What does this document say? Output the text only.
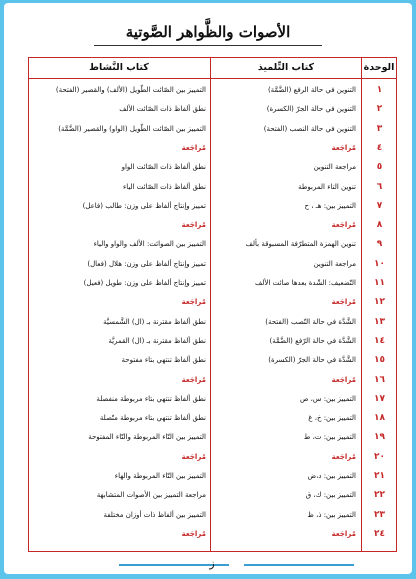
الأصوات والظَّواهر الصَّوتية
الوحدة
كتاب التِّلميذ
كتاب النَّشاط
١
التنوين في حالة الرفع (الضَّمَّة)
التمييز بين الصّائت الطّويل (الألف) والقصير (الفتحة)
٢
التنوين في حالة الجرّ (الكسرة)
نطق ألفاظ ذات الصّائت الألف
٣
التنوين في حالة النصب (الفتحة)
التمييز بين الصّائت الطّويل (الواو) والقصير (الضَّمَّة)
٤
مُراجَعة
مُراجَعة
٥
مراجعة التنوين
نطق ألفاظ ذات الصّائت الواو
٦
تنوين التاء المربوطة
نطق ألفاظ ذات الصّائت الياء
٧
التمييز بين: هـ ، ح
تمييز وإنتاج ألفاظ على وزن: طالب (فاعل)
٨
مُراجَعة
مُراجَعة
٩
تنوين الهمزة المتطرّفة المسبوقة بألف
التمييز بين الصوائت: الألف والواو والياء
١٠
مراجعة التنوين
تمييز وإنتاج ألفاظ على وزن: هلال (فعال)
١١
التّضعيف: الشّدة بعدها صائت الألف
تمييز وإنتاج ألفاظ على وزن: طويل (فعيل)
١٢
مُراجَعة
مُراجَعة
١٣
الشَّدَّة في حالة النّصب (الفتحة)
نطق ألفاظ مقترنة بـ (ال) الشَّمسيَّة
١٤
الشَّدَّة في حالة الرّفع (الضَّمَّة)
نطق ألفاظ مقترنة بـ (ال) القمريَّة
١٥
الشَّدَّة في حالة الجرّ (الكسرة)
نطق ألفاظ تنتهي بتاء مفتوحة
١٦
مُراجَعة
مُراجَعة
١٧
التمييز بين: س، ص
نطق ألفاظ تنتهي بتاء مربوطة منفصلة
١٨
التمييز بين: خ، غ
نطق ألفاظ تنتهي بتاء مربوطة متّصلة
١٩
التمييز بين: ت، ط
التمييز بين التّاء المربوطة والتّاء المفتوحة
٢٠
مُراجَعة
مُراجَعة
٢١
التمييز بين: د،ض
التمييز بين التّاء المربوطة والهاء
٢٢
التمييز بين: ك، ق
مراجعة التمييز بين الأصوات المتشابهة
٢٣
التمييز بين: ذ، ظ
التمييز بين ألفاظ ذات أوزان مختلفة
٢٤
مُراجَعة
مُراجَعة
ز
